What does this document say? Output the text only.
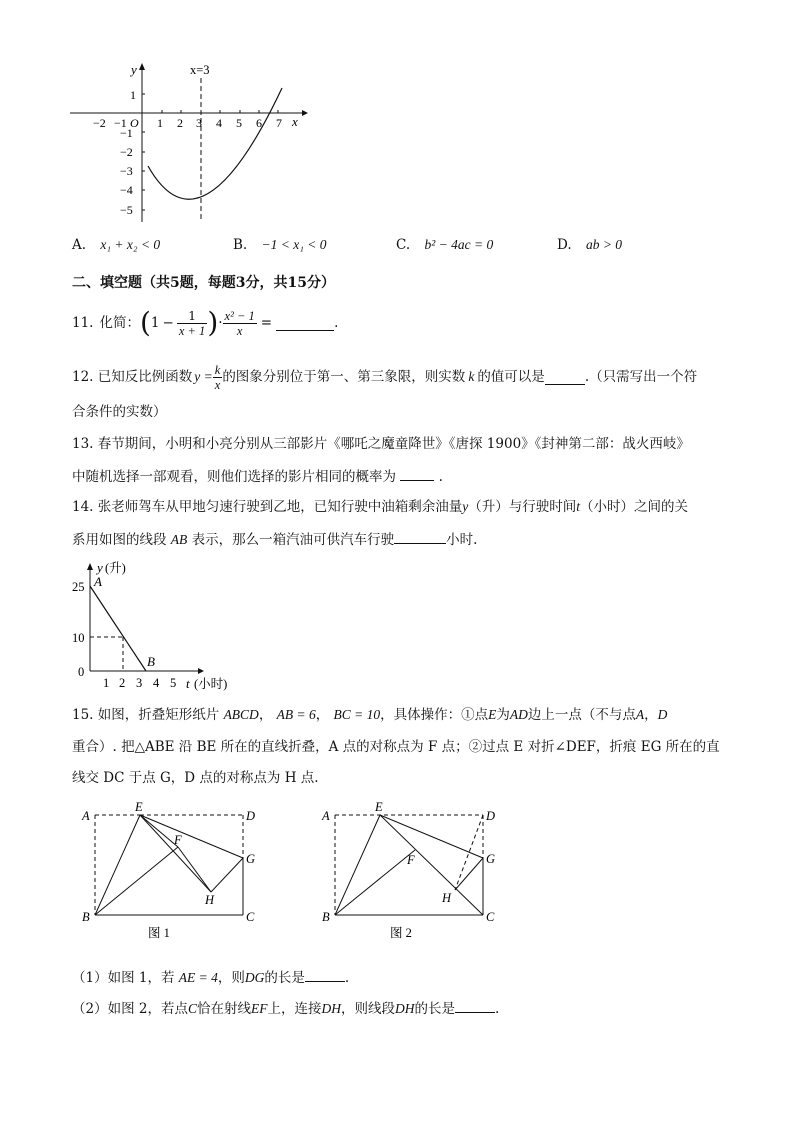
y
x
x=3
−2 −1 O 1 2 3 4 5 6 7
1
−1
−2
−3
−4
−5
A. x₁ + x₂ < 0	B. −1 < x₁ < 0	C. b² − 4ac = 0	D. ab > 0
二、填空题（共5题，每题3分，共15分）
11. 化简： ( $1 - \frac{1}{x + 1}$ ) · $\frac{\text{x² − 1}}{x}$ =	.
12. 已知反比例函数 $y = \frac{k}{x}$ 的图象分别位于第一、第三象限，则实数 k 的值可以是	.（只需写出一个符
合条件的实数）
13. 春节期间，小明和小亮分别从三部影片《哪吒之魔童降世》《唐探 1900》《封神第二部：战火西岐》
中随机选择一部观看，则他们选择的影片相同的概率为	.
14. 张老师驾车从甲地匀速行驶到乙地，已知行驶中油箱剩余油量y（升）与行驶时间t（小时）之间的关
系用如图的线段 AB 表示，那么一箱汽油可供汽车行驶	小时.
y (升)
t (小时)
A
B
25
10
0
1 2 3 4 5
15. 如图，折叠矩形纸片 ABCD， AB = 6， BC = 10，具体操作：①点E为AD边上一点（不与点A，D
重合）. 把△ABE 沿 BE 所在的直线折叠，A 点的对称点为 F 点；②过点 E 对折∠DEF，折痕 EG 所在的直
线交 DC 于点 G，D 点的对称点为 H 点.
A
E
D
F
G
H
B	C
图 1
A
E
D
F	G
H
B	C
图 2
（1）如图 1，若 AE = 4，则DG的长是	.
（2）如图 2，若点C恰在射线EF上，连接DH，则线段DH的长是	.
